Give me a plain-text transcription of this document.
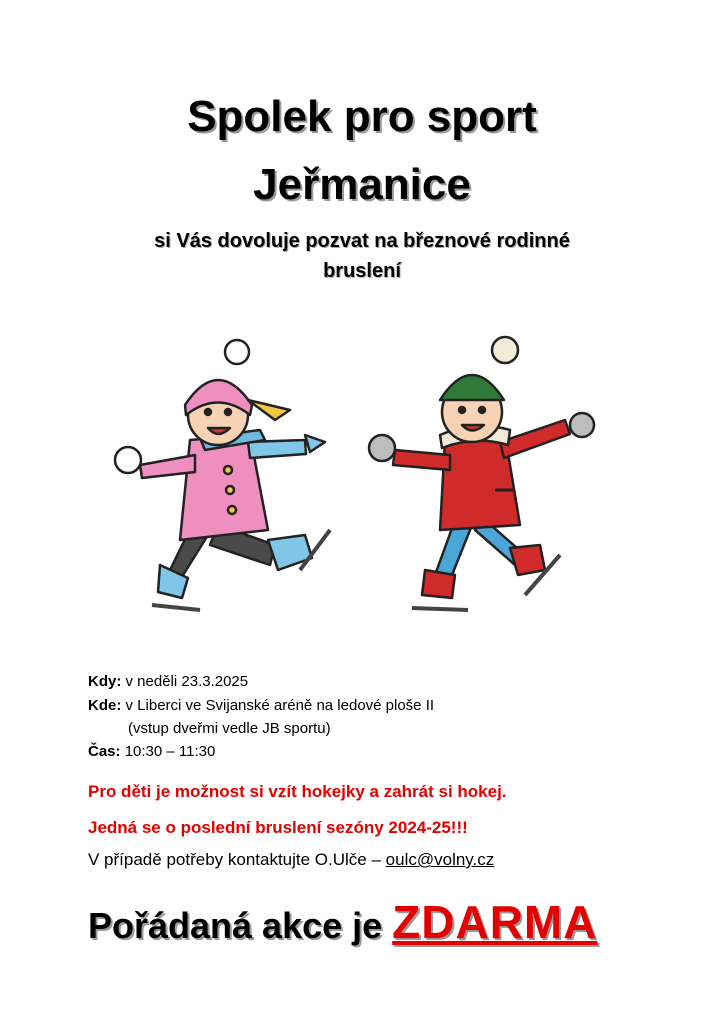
Spolek pro sport
Jeřmanice
si Vás dovoluje pozvat na březnové rodinné
bruslení
Kdy: v neděli 23.3.2025
Kde: v Liberci ve Svijanské aréně na ledové ploše II
(vstup dveřmi vedle JB sportu)
Čas: 10:30 – 11:30
Pro děti je možnost si vzít hokejky a zahrát si hokej.
Jedná se o poslední bruslení sezóny 2024-25!!!
V případě potřeby kontaktujte O.Ulče – oulc@volny.cz
Pořádaná akce je ZDARMA
